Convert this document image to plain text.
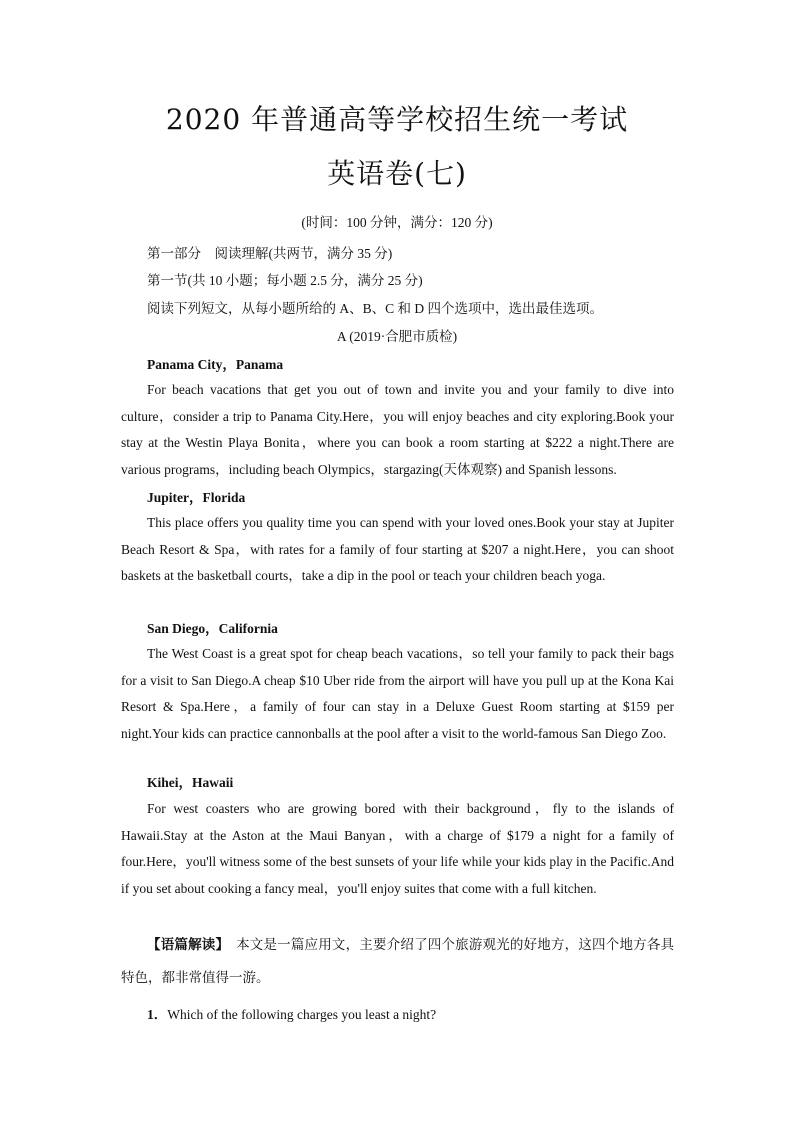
2020 年普通高等学校招生统一考试
英语卷(七)
(时间：100 分钟，满分：120 分)
第一部分　阅读理解(共两节，满分 35 分)
第一节(共 10 小题；每小题 2.5 分，满分 25 分)
阅读下列短文，从每小题所给的 A、B、C 和 D 四个选项中，选出最佳选项。
A (2019·合肥市质检)
Panama City，Panama

For beach vacations that get you out of town and invite you and your family to dive into culture，consider a trip to Panama City.Here，you will enjoy beaches and city exploring.Book your stay at the Westin Playa Bonita，where you can book a room starting at $222 a night.There are various programs，including beach Olympics，stargazing(天体观察) and Spanish lessons.

Jupiter，Florida

This place offers you quality time you can spend with your loved ones.Book your stay at Jupiter Beach Resort & Spa，with rates for a family of four starting at $207 a night.Here，you can shoot baskets at the basketball courts，take a dip in the pool or teach your children beach yoga.

San Diego，California

The West Coast is a great spot for cheap beach vacations，so tell your family to pack their bags for a visit to San Diego.A cheap $10 Uber ride from the airport will have you pull up at the Kona Kai Resort & Spa.Here，a family of four can stay in a Deluxe Guest Room starting at $159 per night.Your kids can practice cannonballs at the pool after a visit to the world-famous San Diego Zoo.

Kihei，Hawaii

For west coasters who are growing bored with their background，fly to the islands of Hawaii.Stay at the Aston at the Maui Banyan，with a charge of $179 a night for a family of four.Here，you'll witness some of the best sunsets of your life while your kids play in the Pacific.And if you set about cooking a fancy meal，you'll enjoy suites that come with a full kitchen.

【语篇解读】　本文是一篇应用文，主要介绍了四个旅游观光的好地方，这四个地方各具特色，都非常值得一游。

1．Which of the following charges you least a night?
